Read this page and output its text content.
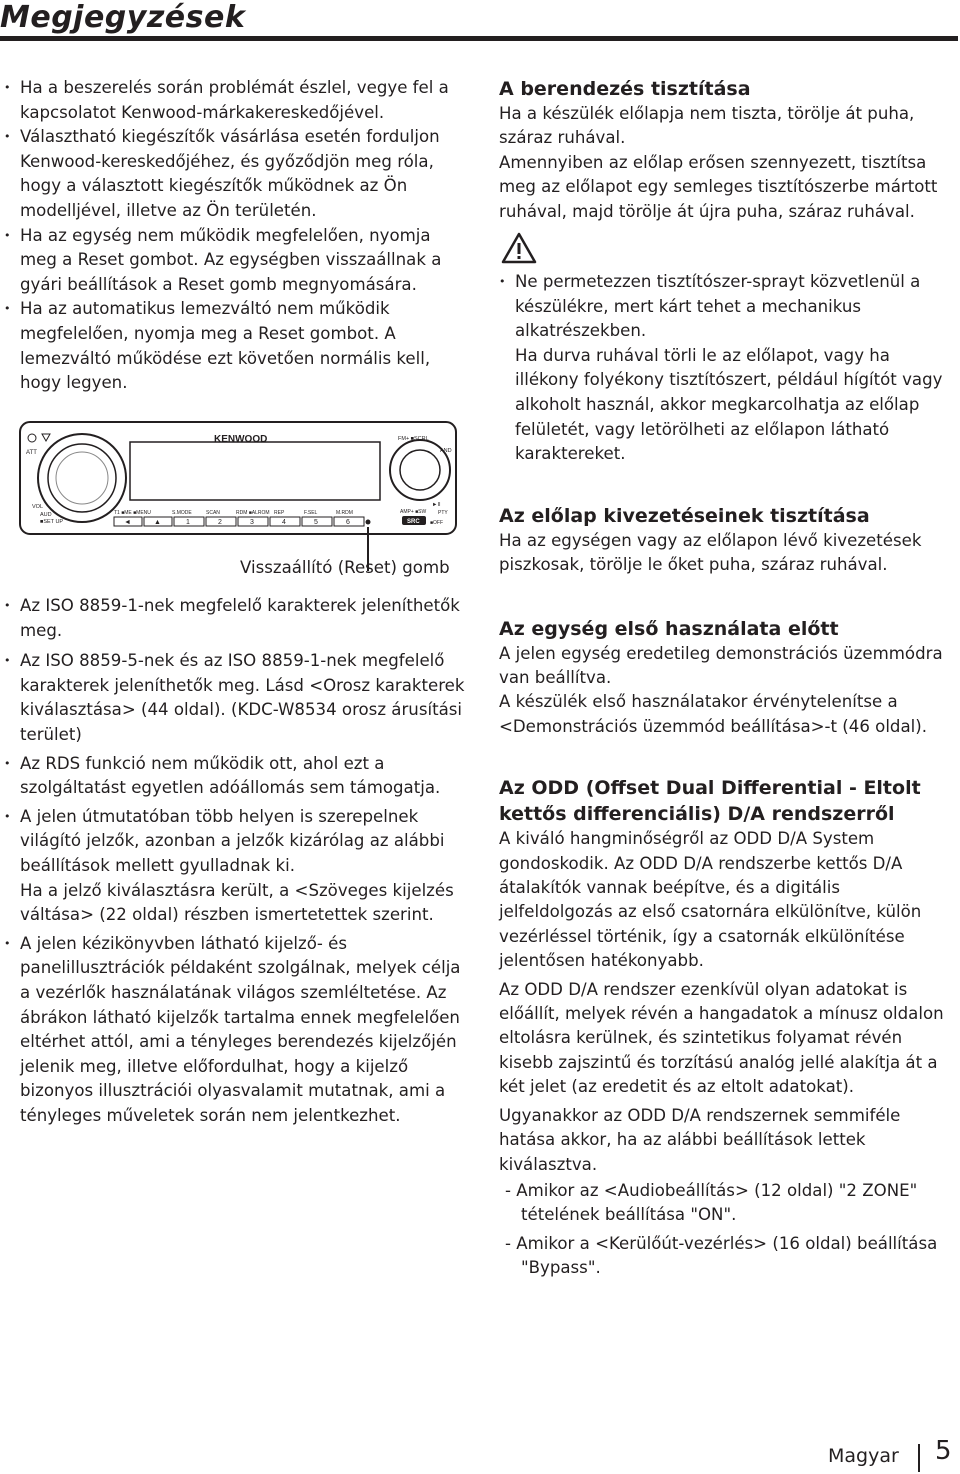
Megjegyzések
• Ha a beszerelés során problémát észlel, vegye fel a kapcsolatot Kenwood-márkakereskedőjével.
• Választható kiegészítők vásárlása esetén forduljon Kenwood-kereskedőjéhez, és győződjön meg róla, hogy a választott kiegészítők működnek az Ön modelljével, illetve az Ön területén.
• Ha az egység nem működik megfelelően, nyomja meg a Reset gombot. Az egységben visszaállnak a gyári beállítások a Reset gomb megnyomására.
• Ha az automatikus lemezváltó nem működik megfelelően, nyomja meg a Reset gombot. A lemezváltó működése ezt követően normális kell, hogy legyen.
ATT
KENWOOD	FM+ ■SCRL
AND
VOL
AUD
■SET UP
T1 ■ME ■MENU	S.MODE	SCAN	RDM ■ALROM REP	F.SEL	M.RDM
◄	▲	1	2	3	4	5	6
►II
PTY
AMP+ ■SW
SRC ■OFF
Visszaállító (Reset) gomb
• Az ISO 8859-1-nek megfelelő karakterek jeleníthetők meg.
• Az ISO 8859-5-nek és az ISO 8859-1-nek megfelelő karakterek jeleníthetők meg. Lásd <Orosz karakterek kiválasztása> (44 oldal). (KDC-W8534 orosz árusítási terület)
• Az RDS funkció nem működik ott, ahol ezt a szolgáltatást egyetlen adóállomás sem támogatja.
• A jelen útmutatóban több helyen is szerepelnek világító jelzők, azonban a jelzők kizárólag az alábbi beállítások mellett gyulladnak ki.
Ha a jelző kiválasztásra került, a <Szöveges kijelzés váltása> (22 oldal) részben ismertetettek szerint.
• A jelen kézikönyvben látható kijelző- és panelillusztrációk példaként szolgálnak, melyek célja a vezérlők használatának világos szemléltetése. Az ábrákon látható kijelzők tartalma ennek megfelelően eltérhet attól, ami a tényleges berendezés kijelzőjén jelenik meg, illetve előfordulhat, hogy a kijelző bizonyos illusztrációi olyasvalamit mutatnak, ami a tényleges műveletek során nem jelentkezhet.
A berendezés tisztítása

Ha a készülék előlapja nem tiszta, törölje át puha, száraz ruhával.

Amennyiben az előlap erősen szennyezett, tisztítsa meg az előlapot egy semleges tisztítószerbe mártott ruhával, majd törölje át újra puha, száraz ruhával.

• Ne permetezzen tisztítószer-sprayt közvetlenül a készülékre, mert kárt tehet a mechanikus alkatrészekben.
Ha durva ruhával törli le az előlapot, vagy ha illékony folyékony tisztítószert, például hígítót vagy alkoholt használ, akkor megkarcolhatja az előlap felületét, vagy letörölheti az előlapon látható karaktereket.
Az előlap kivezetéseinek tisztítása

Ha az egységen vagy az előlapon lévő kivezetések piszkosak, törölje le őket puha, száraz ruhával.

Az egység első használata előtt

A jelen egység eredetileg demonstrációs üzemmódra van beállítva.

A készülék első használatakor érvénytelenítse a <Demonstrációs üzemmód beállítása>-t (46 oldal).

Az ODD (Offset Dual Differential - Eltolt kettős differenciális) D/A rendszerről

A kiváló hangminőségről az ODD D/A System gondoskodik. Az ODD D/A rendszerbe kettős D/A átalakítók vannak beépítve, és a digitális jelfeldolgozás az első csatornára elkülönítve, külön vezérléssel történik, így a csatornák elkülönítése jelentősen hatékonyabb.

Az ODD D/A rendszer ezenkívül olyan adatokat is előállít, melyek révén a hangadatok a mínusz oldalon eltolásra kerülnek, és szintetikus folyamat révén kisebb zajszintű és torzítású analóg jellé alakítja át a két jelet (az eredetit és az eltolt adatokat).

Ugyanakkor az ODD D/A rendszernek semmiféle hatása akkor, ha az alábbi beállítások lettek kiválasztva.

- Amikor az <Audiobeállítás> (12 oldal) "2 ZONE" tételének beállítása "ON".

- Amikor a <Kerülőút-vezérlés> (16 oldal) beállítása "Bypass".

Magyar 5
